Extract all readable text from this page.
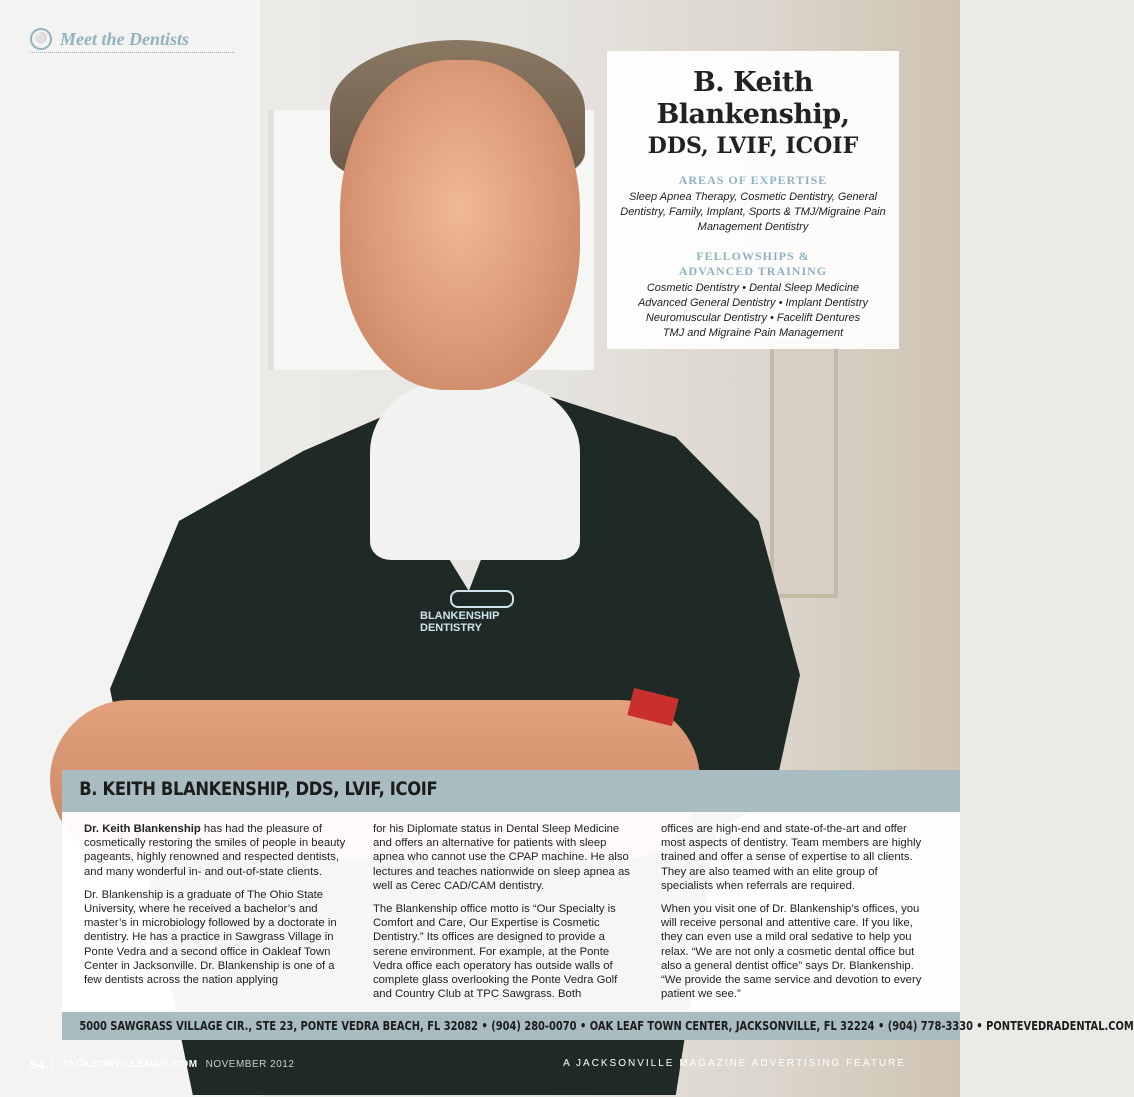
BLANKENSHIP DENTISTRY
⚪ Meet the Dentists
B. Keith
Blankenship,
DDS, LVIF, ICOIF
AREAS OF EXPERTISE

Sleep Apnea Therapy, Cosmetic Dentistry, General Dentistry, Family, Implant, Sports & TMJ/Migraine Pain Management Dentistry

FELLOWSHIPS &
ADVANCED TRAINING

Cosmetic Dentistry • Dental Sleep Medicine

Advanced General Dentistry • Implant Dentistry

Neuromuscular Dentistry • Facelift Dentures

TMJ and Migraine Pain Management

B. KEITH BLANKENSHIP, DDS, LVIF, ICOIF

Dr. Keith Blankenship has had the pleasure of cosmetically restoring the smiles of people in beauty pageants, highly renowned and respected dentists, and many wonderful in- and out-of-state clients.

Dr. Blankenship is a graduate of The Ohio State University, where he received a bachelor’s and master’s in microbiology followed by a doctorate in dentistry. He has a practice in Sawgrass Village in Ponte Vedra and a second office in Oakleaf Town Center in Jacksonville. Dr. Blankenship is one of a few dentists across the nation applying

for his Diplomate status in Dental Sleep Medicine and offers an alternative for patients with sleep apnea who cannot use the CPAP machine. He also lectures and teaches nationwide on sleep apnea as well as Cerec CAD/CAM dentistry.

The Blankenship office motto is “Our Specialty is Comfort and Care, Our Expertise is Cosmetic Dentistry.” Its offices are designed to provide a serene environment. For example, at the Ponte Vedra office each operatory has outside walls of complete glass overlooking the Ponte Vedra Golf and Country Club at TPC Sawgrass. Both

offices are high-end and state-of-the-art and offer most aspects of dentistry. Team members are highly trained and offer a sense of expertise to all clients. They are also teamed with an elite group of specialists when referrals are required.

When you visit one of Dr. Blankenship’s offices, you will receive personal and attentive care. If you like, they can even use a mild oral sedative to help you relax. “We are not only a cosmetic dental office but also a general dentist office” says Dr. Blankenship. “We provide the same service and devotion to every patient we see.”

5000 SAWGRASS VILLAGE CIR., STE 23, PONTE VEDRA BEACH, FL 32082 • (904) 280-0070 • OAK LEAF TOWN CENTER, JACKSONVILLE, FL 32224 • (904) 778-3330 • PONTEVEDRADENTAL.COM
54 JACKSONVILLEMAG.COM NOVEMBER 2012	A JACKSONVILLE MAGAZINE ADVERTISING FEATURE
